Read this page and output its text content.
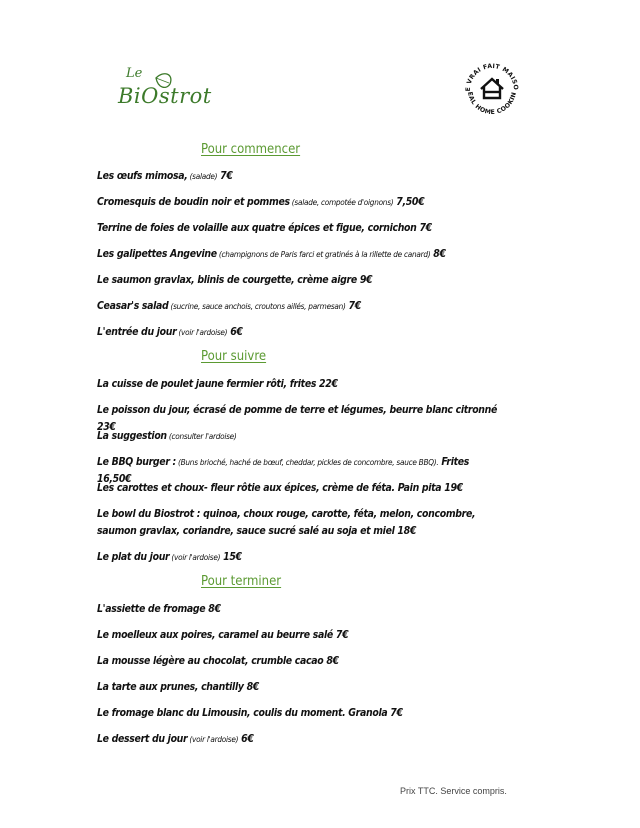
Le
BiOstrot	E VRAI FAIT MAISO
EAL HOME COOKIN
Pour commencer
Les œufs mimosa, (salade) 7€
Cromesquis de boudin noir et pommes (salade, compotée d'oignons) 7,50€
Terrine de foies de volaille aux quatre épices et figue, cornichon 7€
Les galipettes Angevine (champignons de Paris farci et gratinés à la rillette de canard) 8€
Le saumon gravlax, blinis de courgette, crème aigre 9€
Ceasar's salad (sucrine, sauce anchois, croutons aillés, parmesan) 7€
L'entrée du jour (voir l'ardoise) 6€
Pour suivre
La cuisse de poulet jaune fermier rôti, frites 22€
Le poisson du jour, écrasé de pomme de terre et légumes, beurre blanc citronné 23€
La suggestion (consulter l'ardoise)
Le BBQ burger : (Buns brioché, haché de bœuf, cheddar, pickles de concombre, sauce BBQ). Frites 16,50€
Les carottes et choux- fleur rôtie aux épices, crème de féta. Pain pita 19€
Le bowl du Biostrot : quinoa, choux rouge, carotte, féta, melon, concombre, saumon gravlax, coriandre, sauce sucré salé au soja et miel 18€
Le plat du jour (voir l'ardoise) 15€
Pour terminer
L'assiette de fromage 8€
Le moelleux aux poires, caramel au beurre salé 7€
La mousse légère au chocolat, crumble cacao 8€
La tarte aux prunes, chantilly 8€
Le fromage blanc du Limousin, coulis du moment. Granola 7€
Le dessert du jour (voir l'ardoise) 6€
Prix TTC. Service compris.
